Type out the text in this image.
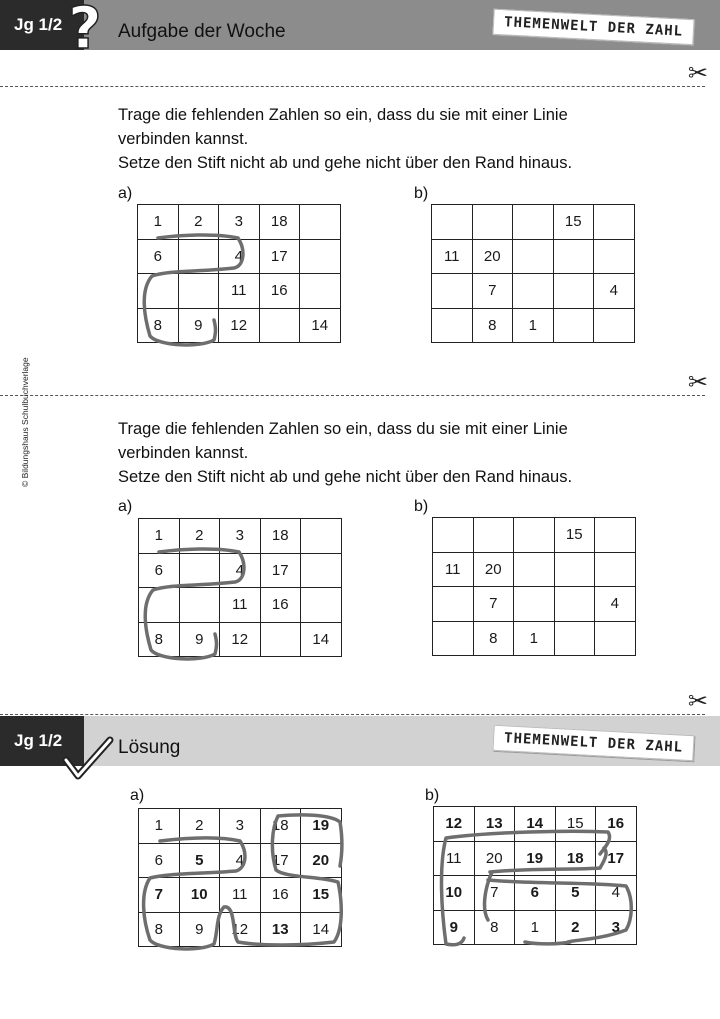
Jg 1/2 ? Aufgabe der Woche	THEMENWELT DER ZAHL
✂

Trage die fehlenden Zahlen so ein, dass du sie mit einer Linie

verbinden kannst.

Setze den Stift nicht ab und gehe nicht über den Rand hinaus.

a)	b)
1	2	3	18	
6		4	17	
		11	16	
8	9	12		14
			15	
11	20			
	7			4
	8	1		
✂

Trage die fehlenden Zahlen so ein, dass du sie mit einer Linie

verbinden kannst.

Setze den Stift nicht ab und gehe nicht über den Rand hinaus.

a)	b)
1	2	3	18	
6		4	17	
		11	16	
8	9	12		14
			15	
11	20			
	7			4
	8	1		
✂
Jg 1/2	Lösung	THEMENWELT DER ZAHL
a)	b)
1	2	3	18	19
6	5	4	17	20
7	10	11	16	15
8	9	12	13	14
12	13	14	15	16
11	20	19	18	17
10	7	6	5	4
9	8	1	2	3
© Bildungshaus Schulbuchverlage
